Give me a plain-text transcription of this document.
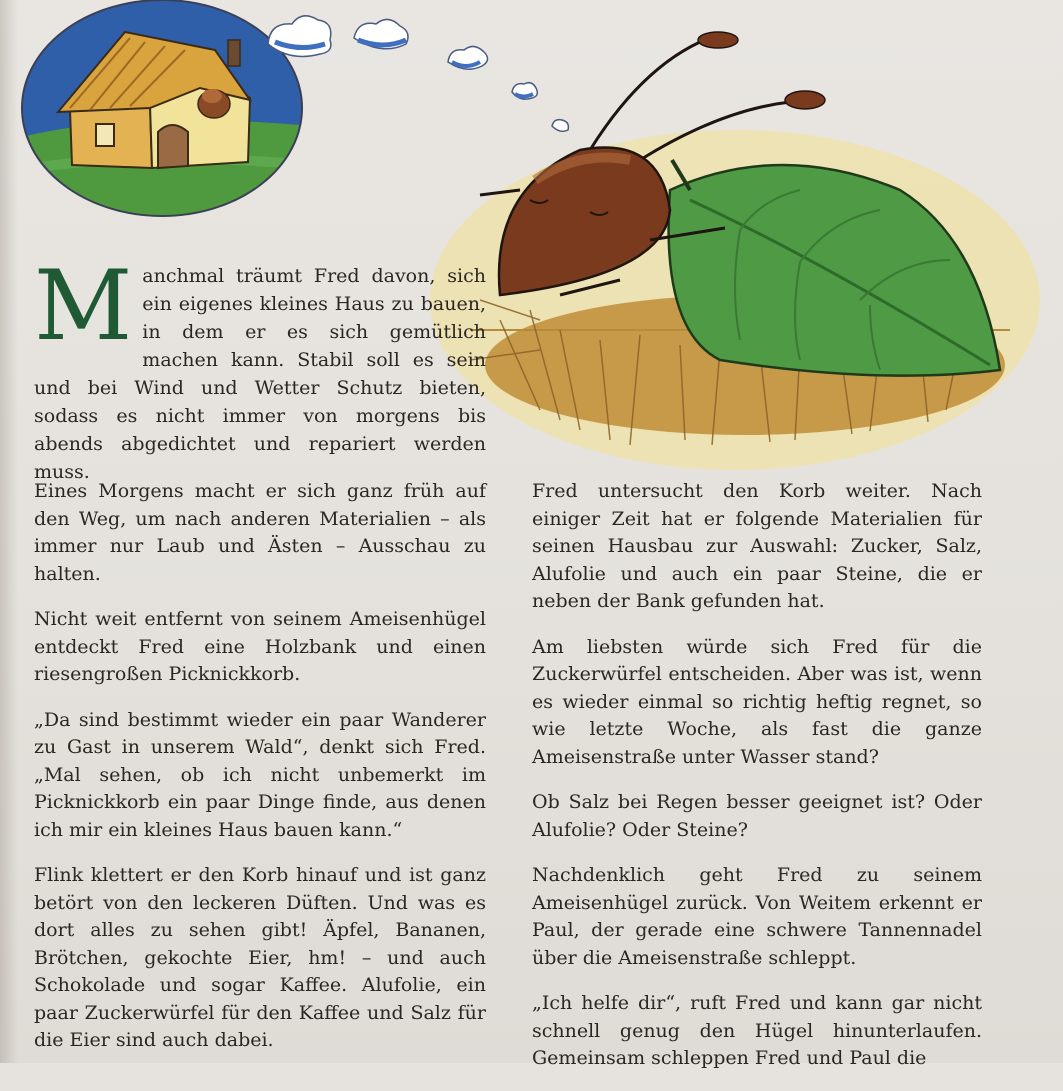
M anchmal träumt Fred davon, sich ein eigenes kleines Haus zu bauen, in dem er es sich gemütlich machen kann. Stabil soll es sein und bei Wind und Wetter Schutz bieten, sodass es nicht immer von morgens bis abends abgedichtet und repariert werden muss.

Eines Morgens macht er sich ganz früh auf den Weg, um nach anderen Materialien – als immer nur Laub und Ästen – Ausschau zu halten.

Nicht weit entfernt von seinem Ameisenhügel entdeckt Fred eine Holzbank und einen riesengroßen Picknickkorb.

„Da sind bestimmt wieder ein paar Wanderer zu Gast in unserem Wald“, denkt sich Fred. „Mal sehen, ob ich nicht unbemerkt im Picknickkorb ein paar Dinge finde, aus denen ich mir ein kleines Haus bauen kann.“

Flink klettert er den Korb hinauf und ist ganz betört von den leckeren Düften. Und was es dort alles zu sehen gibt! Äpfel, Bananen, Brötchen, gekochte Eier, hm! – und auch Schokolade und sogar Kaffee. Alufolie, ein paar Zuckerwürfel für den Kaffee und Salz für die Eier sind auch dabei.

Fred untersucht den Korb weiter. Nach einiger Zeit hat er folgende Materialien für seinen Hausbau zur Auswahl: Zucker, Salz, Alufolie und auch ein paar Steine, die er neben der Bank gefunden hat.

Am liebsten würde sich Fred für die Zuckerwürfel entscheiden. Aber was ist, wenn es wieder einmal so richtig heftig regnet, so wie letzte Woche, als fast die ganze Ameisenstraße unter Wasser stand?

Ob Salz bei Regen besser geeignet ist? Oder Alufolie? Oder Steine?

Nachdenklich geht Fred zu seinem Ameisenhügel zurück. Von Weitem erkennt er Paul, der gerade eine schwere Tannennadel über die Ameisenstraße schleppt.

„Ich helfe dir“, ruft Fred und kann gar nicht schnell genug den Hügel hinunterlaufen. Gemeinsam schleppen Fred und Paul die
